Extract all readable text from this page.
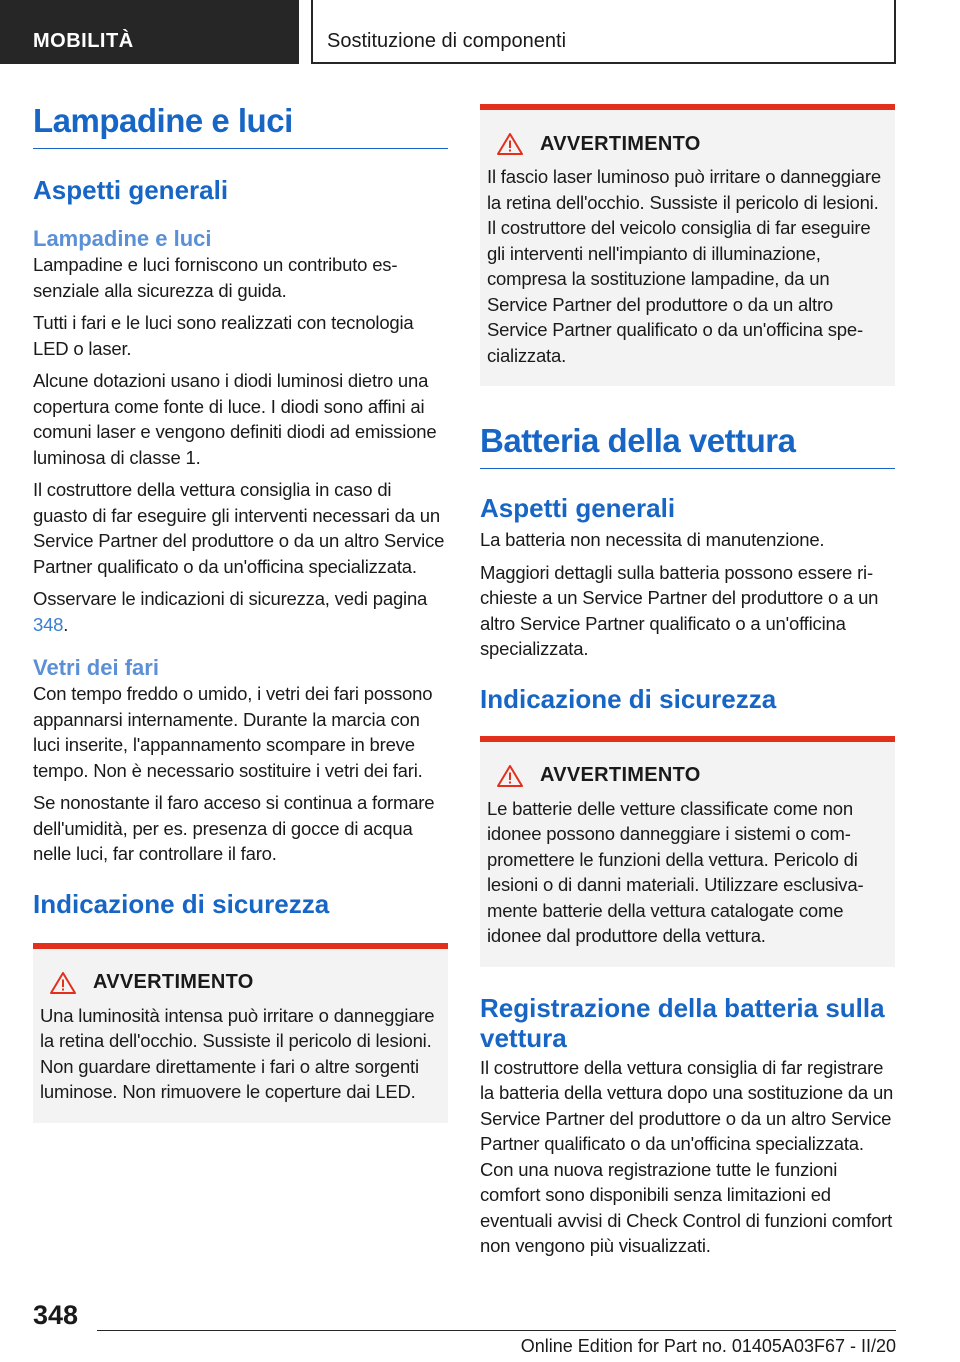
MOBILITÀ	Sostituzione di componenti
Lampadine e luci
Aspetti generali
Lampadine e luci

Lampadine e luci forniscono un contributo essenziale alla sicurezza di guida.

Tutti i fari e le luci sono realizzati con tecnologia LED o laser.

Alcune dotazioni usano i diodi luminosi dietro una copertura come fonte di luce. I diodi sono affini ai comuni laser e vengono definiti diodi ad emissione luminosa di classe 1.

Il costruttore della vettura consiglia in caso di guasto di far eseguire gli interventi necessari da un Service Partner del produttore o da un altro Service Partner qualificato o da un'officina specializzata.

Osservare le indicazioni di sicurezza, vedi pagina 348.

Vetri dei fari

Con tempo freddo o umido, i vetri dei fari possono appannarsi internamente. Durante la marcia con luci inserite, l'appannamento scompare in breve tempo. Non è necessario sostituire i vetri dei fari.

Se nonostante il faro acceso si continua a formare dell'umidità, per es. presenza di gocce di acqua nelle luci, far controllare il faro.

Indicazione di sicurezza
AVVERTIMENTO

Una luminosità intensa può irritare o danneggiare la retina dell'occhio. Sussiste il pericolo di lesioni. Non guardare direttamente i fari o altre sorgenti luminose. Non rimuovere le coperture dai LED.

AVVERTIMENTO

Il fascio laser luminoso può irritare o danneggiare la retina dell'occhio. Sussiste il pericolo di lesioni. Il costruttore del veicolo consiglia di far eseguire gli interventi nell'impianto di illuminazione, compresa la sostituzione lampadine, da un Service Partner del produttore o da un altro Service Partner qualificato o da un'officina specializzata.

Batteria della vettura
Aspetti generali

La batteria non necessita di manutenzione.

Maggiori dettagli sulla batteria possono essere richieste a un Service Partner del produttore o a un altro Service Partner qualificato o a un'officina specializzata.

Indicazione di sicurezza
AVVERTIMENTO

Le batterie delle vetture classificate come non idonee possono danneggiare i sistemi o compromettere le funzioni della vettura. Pericolo di lesioni o di danni materiali. Utilizzare esclusivamente batterie della vettura catalogate come idonee dal produttore della vettura.

Registrazione della batteria sulla vettura

Il costruttore della vettura consiglia di far registrare la batteria della vettura dopo una sostituzione da un Service Partner del produttore o da un altro Service Partner qualificato o da un'officina specializzata. Con una nuova registrazione tutte le funzioni comfort sono disponibili senza limitazioni ed eventuali avvisi di Check Control di funzioni comfort non vengono più visualizzati.

348
Online Edition for Part no. 01405A03F67 - II/20
